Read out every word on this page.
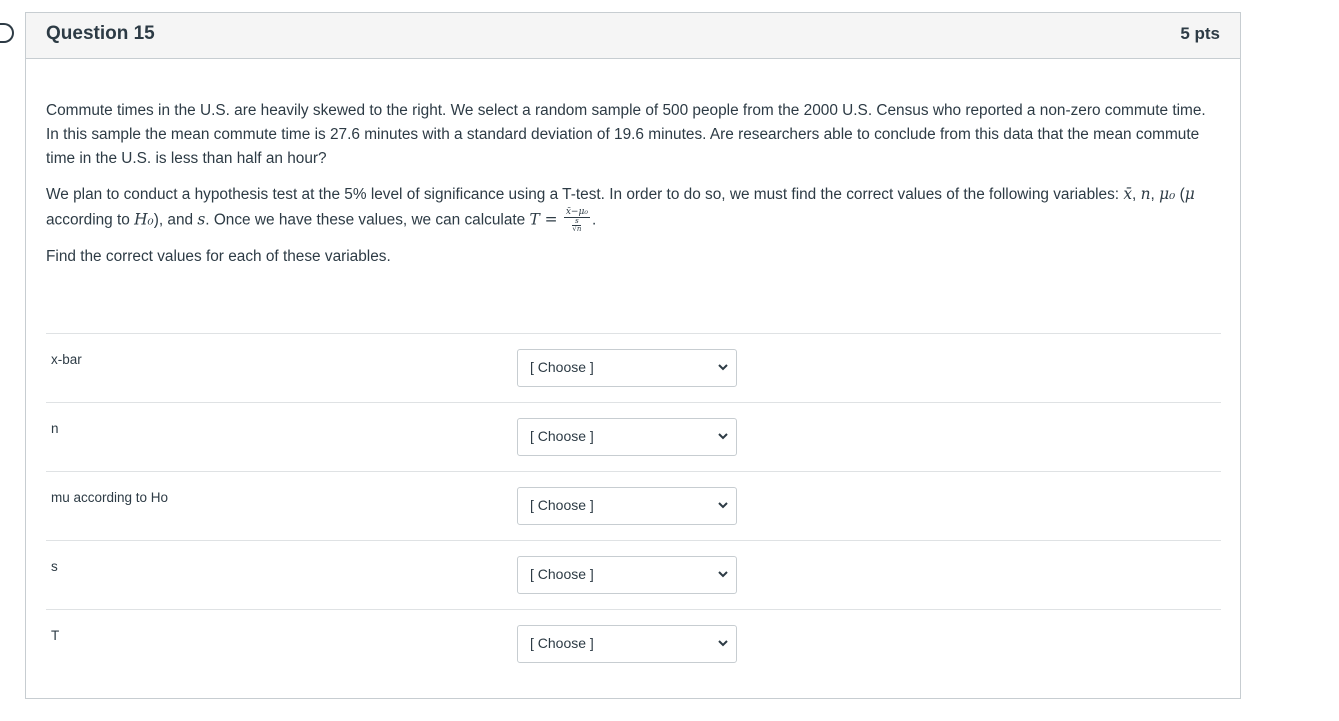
Question 15	5 pts

Commute times in the U.S. are heavily skewed to the right. We select a random sample of 500 people from the 2000 U.S. Census who reported a non-zero commute time. In this sample the mean commute time is 27.6 minutes with a standard deviation of 19.6 minutes. Are researchers able to conclude from this data that the mean commute time in the U.S. is less than half an hour?

We plan to conduct a hypothesis test at the 5% level of significance using a T-test. In order to do so, we must find the correct values of the following variables: x̄, n, μ₀ (μ according to H₀), and s. Once we have these values, we can calculate $T = \frac{\text{x̄−μ₀}}{\frac{s}{√n}}$ .

Find the correct values for each of these variables.

x-bar	[ Choose ]
n	[ Choose ]
mu according to Ho	[ Choose ]
s	[ Choose ]
T	[ Choose ]
